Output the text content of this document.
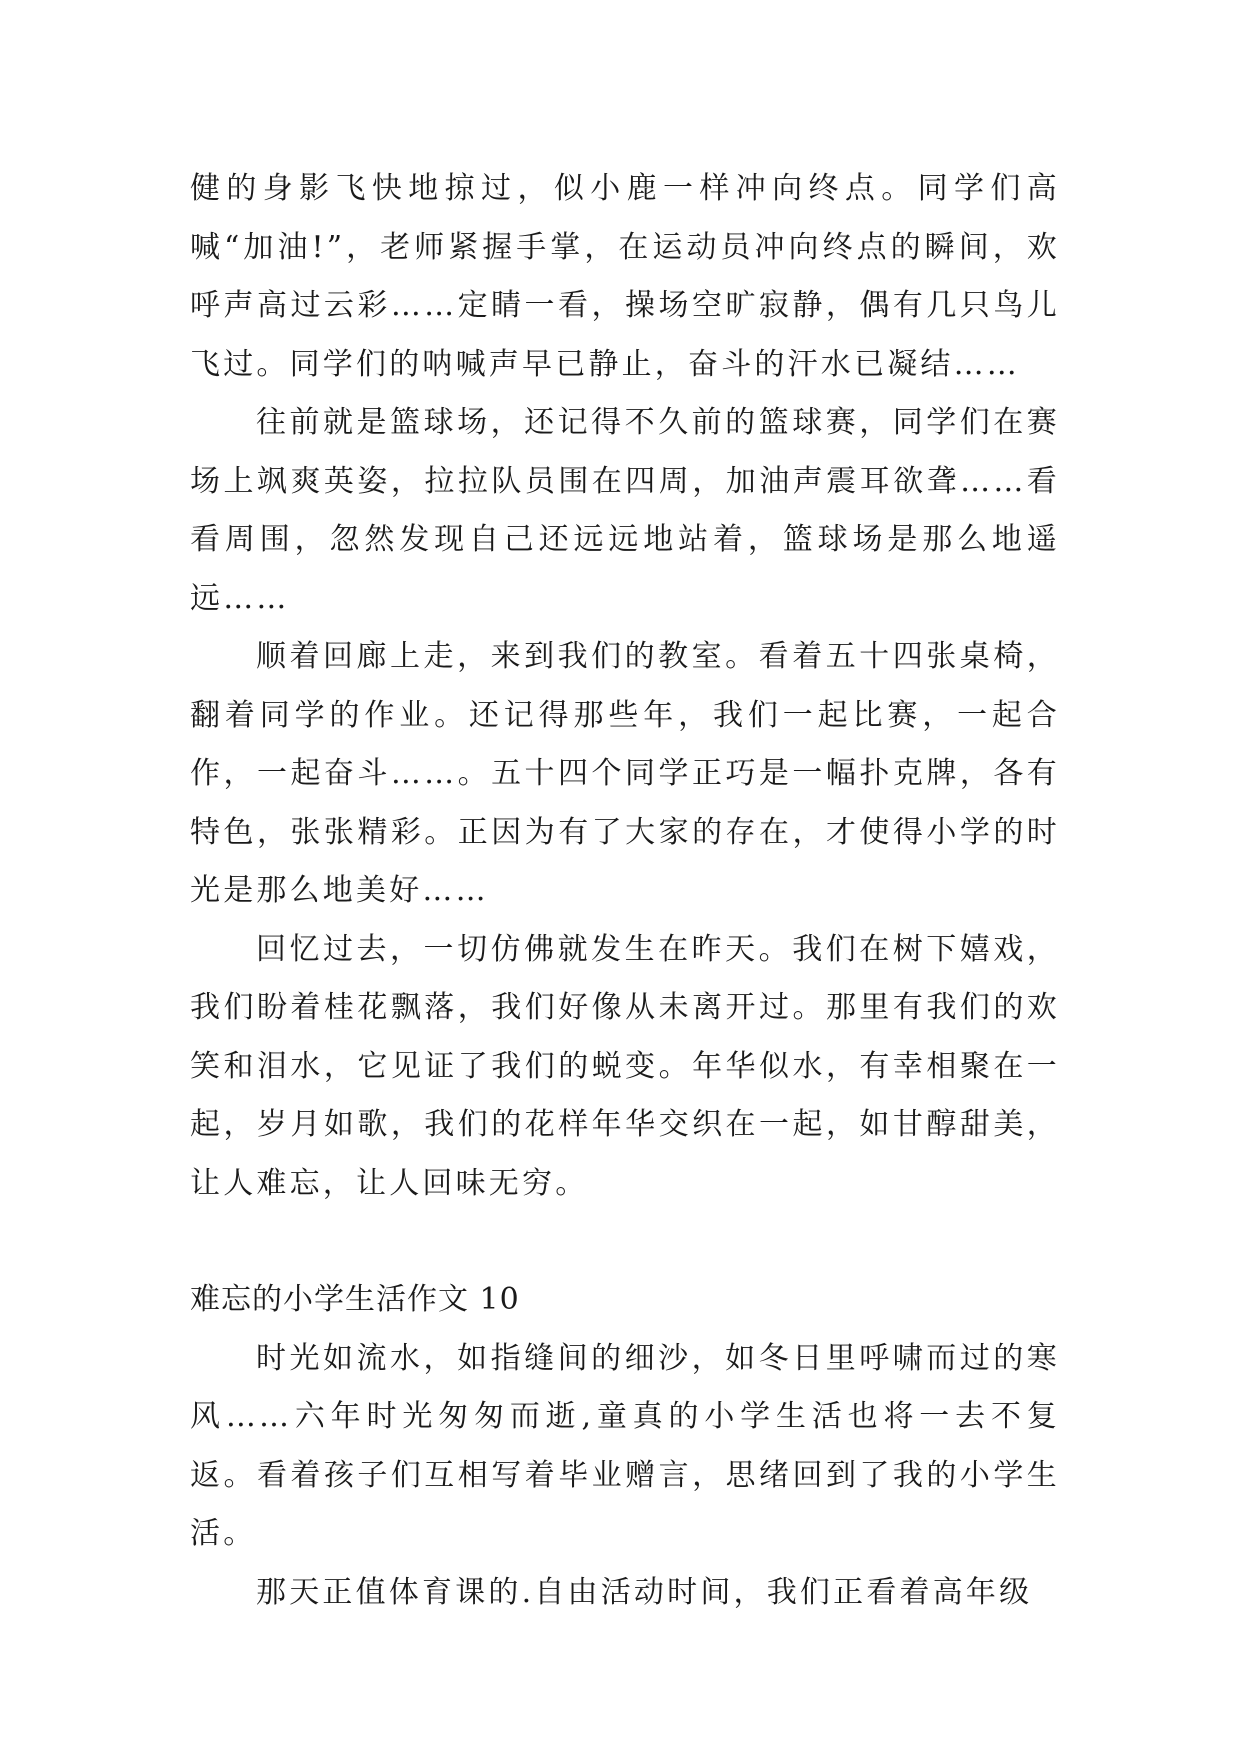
健的身影飞快地掠过，似小鹿一样冲向终点。同学们高喊“加油!”，老师紧握手掌，在运动员冲向终点的瞬间，欢呼声高过云彩……定睛一看，操场空旷寂静，偶有几只鸟儿飞过。同学们的呐喊声早已静止，奋斗的汗水已凝结……

往前就是篮球场，还记得不久前的篮球赛，同学们在赛场上飒爽英姿，拉拉队员围在四周，加油声震耳欲聋……看看周围，忽然发现自己还远远地站着，篮球场是那么地遥远……

顺着回廊上走，来到我们的教室。看着五十四张桌椅，翻着同学的作业。还记得那些年，我们一起比赛，一起合作，一起奋斗……。五十四个同学正巧是一幅扑克牌，各有特色，张张精彩。正因为有了大家的存在，才使得小学的时光是那么地美好……

回忆过去，一切仿佛就发生在昨天。我们在树下嬉戏，我们盼着桂花飘落，我们好像从未离开过。那里有我们的欢笑和泪水，它见证了我们的蜕变。年华似水，有幸相聚在一起，岁月如歌，我们的花样年华交织在一起，如甘醇甜美，让人难忘，让人回味无穷。

难忘的小学生活作文 10

时光如流水，如指缝间的细沙，如冬日里呼啸而过的寒风……六年时光匆匆而逝,童真的小学生活也将一去不复返。看着孩子们互相写着毕业赠言，思绪回到了我的小学生活。

那天正值体育课的.自由活动时间，我们正看着高年级
